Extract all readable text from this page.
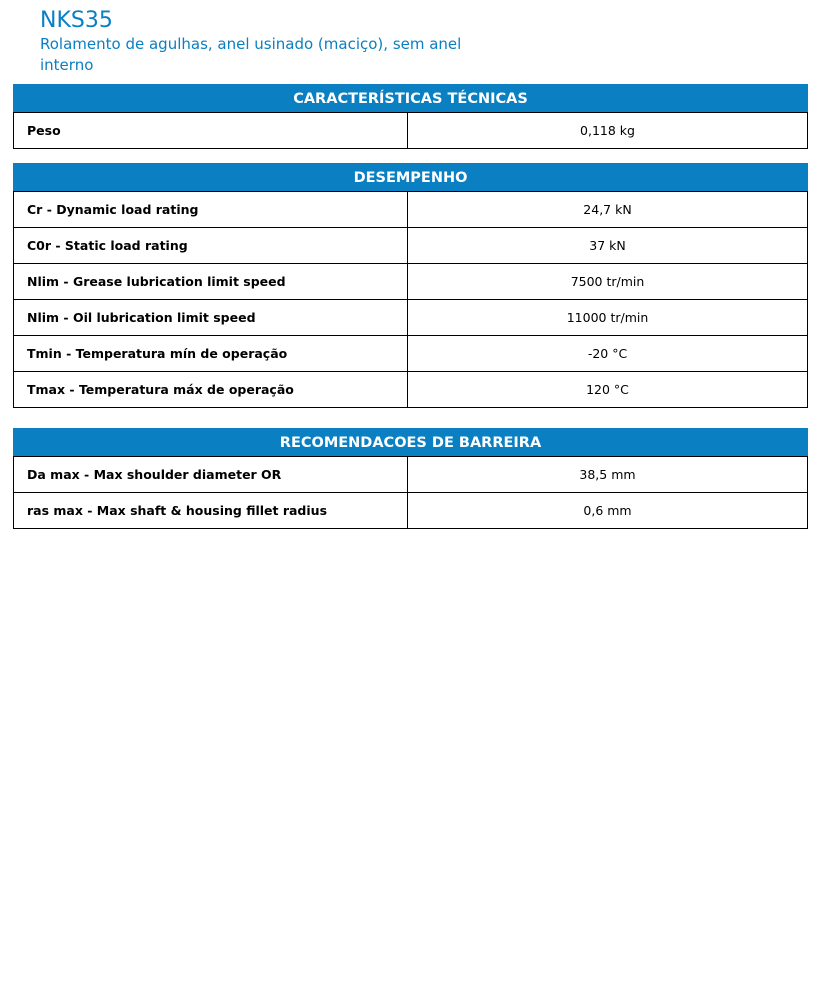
NKS35

Rolamento de agulhas, anel usinado (maciço), sem anel interno

CARACTERÍSTICAS TÉCNICAS
Peso	0,118 kg
DESEMPENHO
Cr - Dynamic load rating	24,7 kN
C0r - Static load rating	37 kN
Nlim - Grease lubrication limit speed	7500 tr/min
Nlim - Oil lubrication limit speed	11000 tr/min
Tmin - Temperatura mín de operação	-20 °C
Tmax - Temperatura máx de operação	120 °C
RECOMENDACOES DE BARREIRA
Da max - Max shoulder diameter OR	38,5 mm
ras max - Max shaft & housing fillet radius	0,6 mm
